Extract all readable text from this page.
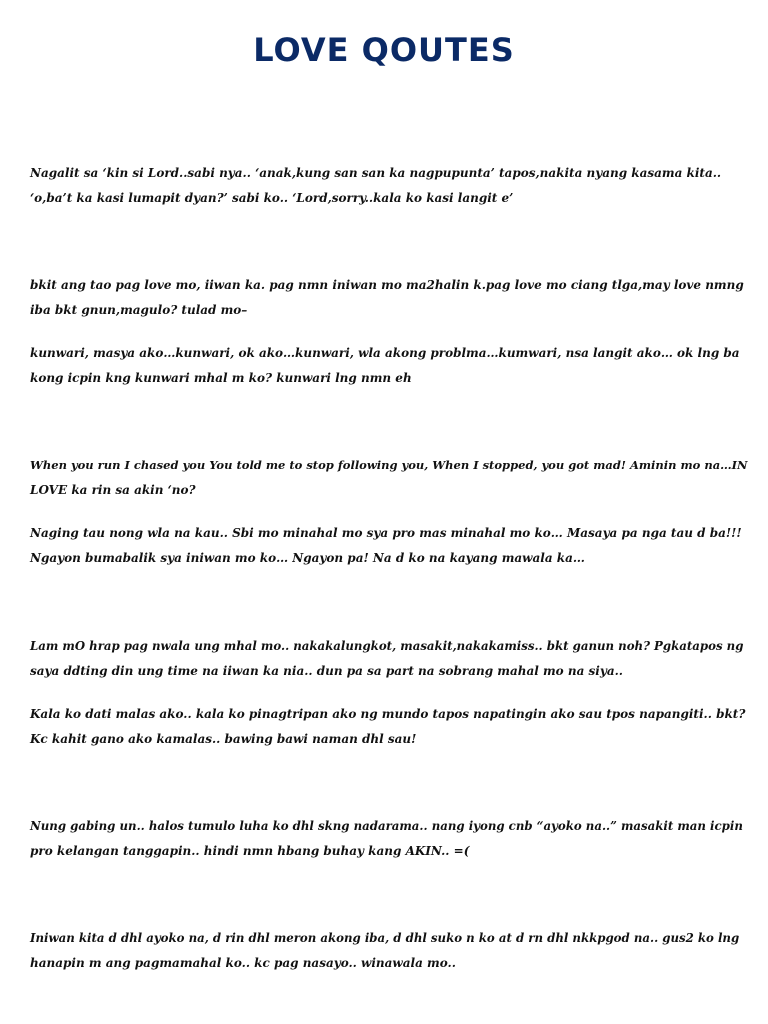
LOVE QOUTES

Nagalit sa ‘kin si Lord..sabi nya.. ‘anak,kung san san ka nagpupunta’ tapos,nakita nyang kasama kita..
‘o,ba’t ka kasi lumapit dyan?’ sabi ko.. ‘Lord,sorry..kala ko kasi langit e’

bkit ang tao pag love mo, iiwan ka. pag nmn iniwan mo ma2halin k.pag love mo ciang tlga,may love nmng
iba bkt gnun,magulo? tulad mo–

kunwari, masya ako…kunwari, ok ako…kunwari, wla akong problma…kumwari, nsa langit ako… ok lng ba
kong icpin kng kunwari mhal m ko? kunwari lng nmn eh

When you run I chased you You told me to stop following you, When I stopped, you got mad! Aminin mo na…IN
LOVE ka rin sa akin ‘no?

Naging tau nong wla na kau.. Sbi mo minahal mo sya pro mas minahal mo ko… Masaya pa nga tau d ba!!!
Ngayon bumabalik sya iniwan mo ko… Ngayon pa! Na d ko na kayang mawala ka…

Lam mO hrap pag nwala ung mhal mo.. nakakalungkot, masakit,nakakamiss.. bkt ganun noh? Pgkatapos ng
saya ddting din ung time na iiwan ka nia.. dun pa sa part na sobrang mahal mo na siya..

Kala ko dati malas ako.. kala ko pinagtripan ako ng mundo tapos napatingin ako sau tpos napangiti.. bkt?
Kc kahit gano ako kamalas.. bawing bawi naman dhl sau!

Nung gabing un.. halos tumulo luha ko dhl skng nadarama.. nang iyong cnb “ayoko na..” masakit man icpin
pro kelangan tanggapin.. hindi nmn hbang buhay kang AKIN.. =(

Iniwan kita d dhl ayoko na, d rin dhl meron akong iba, d dhl suko n ko at d rn dhl nkkpgod na.. gus2 ko lng
hanapin m ang pagmamahal ko.. kc pag nasayo.. winawala mo..
